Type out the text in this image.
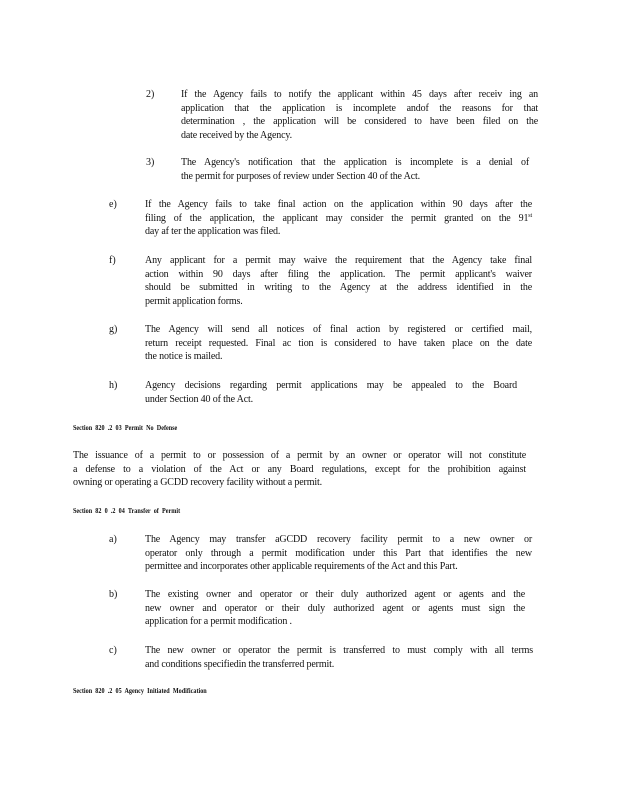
2)	If the Agency fails to notify the applicant within 45 days after receiv ing an
application that the application is incomplete andof the reasons for that
determination , the application will be considered to have been filed on the
date received by the Agency.
3)	The Agency's notification that the application is incomplete is a denial of
the permit for purposes of review under Section 40 of the Act.
e)	If the Agency fails to take final action on the application within 90 days after the
filing of the application, the applicant may consider the permit granted on the 91st
day af ter the application was filed.
f)	Any applicant for a permit may waive the requirement that the Agency take final
action within 90 days after filing the application. The permit applicant's waiver
should be submitted in writing to the Agency at the address identified in the
permit application forms.
g)	The Agency will send all notices of final action by registered or certified mail,
return receipt requested. Final ac tion is considered to have taken place on the date
the notice is mailed.
h)	Agency decisions regarding permit applications may be appealed to the Board
under Section 40 of the Act.
Section 820 .2 03 Permit No Defense
The issuance of a permit to or possession of a permit by an owner or operator will not constitute
a defense to a violation of the Act or any Board regulations, except for the prohibition against
owning or operating a GCDD recovery facility without a permit.
Section 82 0 .2 04 Transfer of Permit
a)	The Agency may transfer aGCDD recovery facility permit to a new owner or
operator only through a permit modification under this Part that identifies the new
permittee and incorporates other applicable requirements of the Act and this Part.
b)	The existing owner and operator or their duly authorized agent or agents and the
new owner and operator or their duly authorized agent or agents must sign the
application for a permit modification .
c)	The new owner or operator the permit is transferred to must comply with all terms
and conditions specifiedin the transferred permit.
Section 820 .2 05 Agency Initiated Modification
